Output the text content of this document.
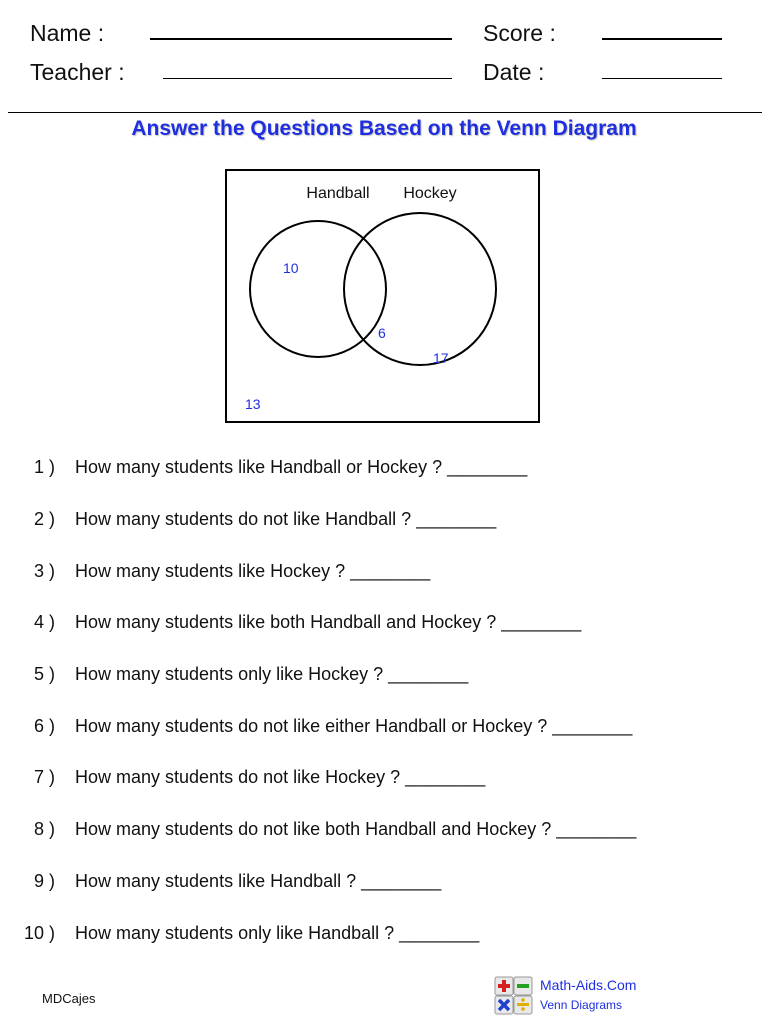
Name :	Score :
Teacher :	Date :
Answer the Questions Based on the Venn Diagram
Handball Hockey
10
6
17
13
1 ) How many students like Handball or Hockey ? ________
2 ) How many students do not like Handball ? ________
3 ) How many students like Hockey ? ________
4 ) How many students like both Handball and Hockey ? ________
5 ) How many students only like Hockey ? ________
6 ) How many students do not like either Handball or Hockey ? ________
7 ) How many students do not like Hockey ? ________
8 ) How many students do not like both Handball and Hockey ? ________
9 ) How many students like Handball ? ________
10 ) How many students only like Handball ? ________
MDCajes
Math-Aids.Com
Venn Diagrams
